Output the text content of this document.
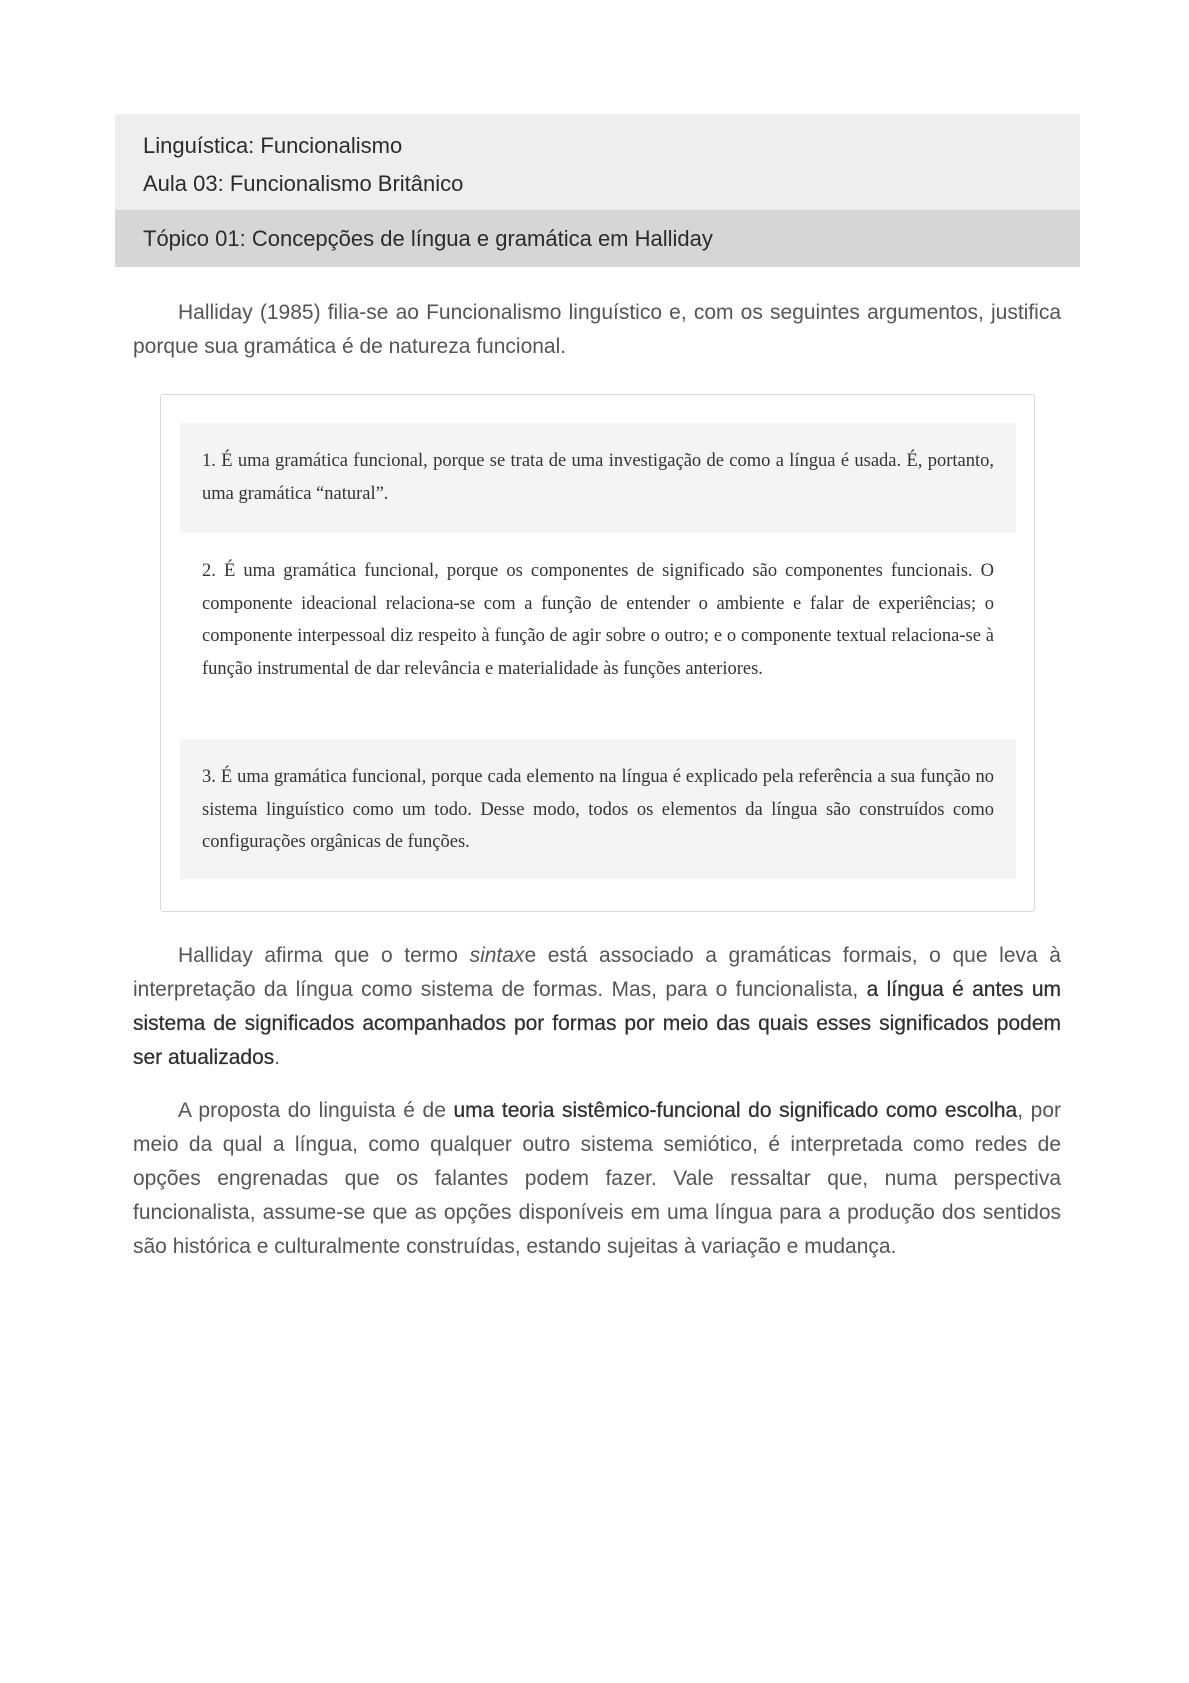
Linguística: Funcionalismo
Aula 03: Funcionalismo Britânico
Tópico 01: Concepções de língua e gramática em Halliday
Halliday (1985) filia-se ao Funcionalismo linguístico e, com os seguintes argumentos, justifica porque sua gramática é de natureza funcional.
1. É uma gramática funcional, porque se trata de uma investigação de como a língua é usada. É, portanto, uma gramática “natural”.
2. É uma gramática funcional, porque os componentes de significado são componentes funcionais. O componente ideacional relaciona-se com a função de entender o ambiente e falar de experiências; o componente interpessoal diz respeito à função de agir sobre o outro; e o componente textual relaciona-se à função instrumental de dar relevância e materialidade às funções anteriores.
3. É uma gramática funcional, porque cada elemento na língua é explicado pela referência a sua função no sistema linguístico como um todo. Desse modo, todos os elementos da língua são construídos como configurações orgânicas de funções.
Halliday afirma que o termo sintaxe está associado a gramáticas formais, o que leva à interpretação da língua como sistema de formas. Mas, para o funcionalista, a língua é antes um sistema de significados acompanhados por formas por meio das quais esses significados podem ser atualizados.
A proposta do linguista é de uma teoria sistêmico-funcional do significado como escolha, por meio da qual a língua, como qualquer outro sistema semiótico, é interpretada como redes de opções engrenadas que os falantes podem fazer. Vale ressaltar que, numa perspectiva funcionalista, assume-se que as opções disponíveis em uma língua para a produção dos sentidos são histórica e culturalmente construídas, estando sujeitas à variação e mudança.
